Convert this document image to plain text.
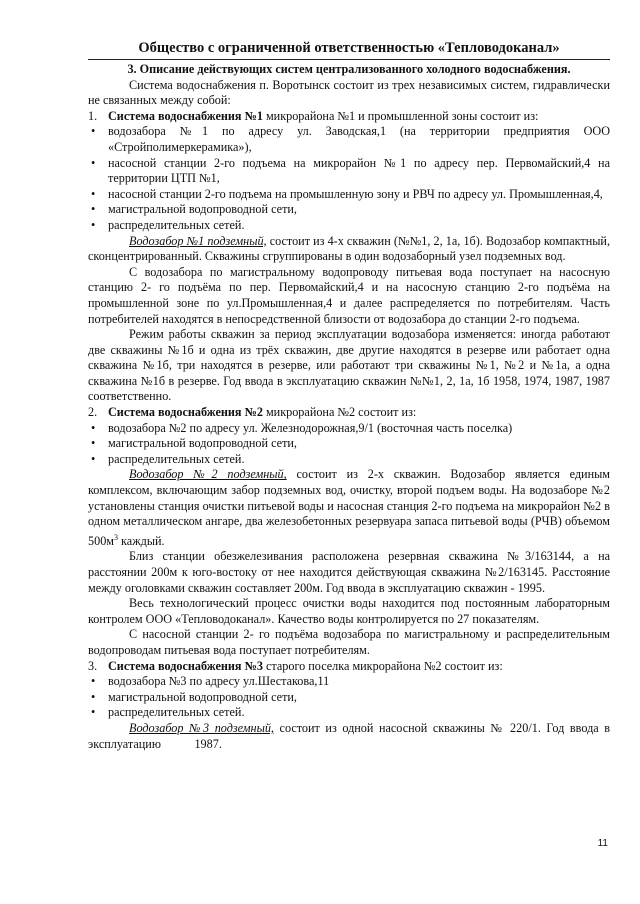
Общество с ограниченной ответственностью «Тепловодоканал»

3. Описание действующих систем централизованного холодного водоснабжения.

Система водоснабжения п. Воротынск состоит из трех независимых систем, гидравлически не связанных между собой:

1. Система водоснабжения №1 микрорайона №1 и промышленной зоны состоит из:

• водозабора №1 по адресу ул. Заводская,1 (на территории предприятия ООО «Стройполимеркерамика»),
• насосной станции 2-го подъема на микрорайон №1 по адресу пер. Первомайский,4 на территории ЦТП №1,
• насосной станции 2-го подъема на промышленную зону и РВЧ по адресу ул. Промышленная,4,
• магистральной водопроводной сети,
• распределительных сетей.

Водозабор №1 подземный, состоит из 4-х скважин (№№1, 2, 1а, 1б). Водозабор компактный, сконцентрированный. Скважины сгруппированы в один водозаборный узел подземных вод.

С водозабора по магистральному водопроводу питьевая вода поступает на насосную станцию 2- го подъёма по пер. Первомайский,4 и на насосную станцию 2-го подъёма на промышленной зоне по ул.Промышленная,4 и далее распределяется по потребителям. Часть потребителей находятся в непосредственной близости от водозабора до станции 2-го подъема.

Режим работы скважин за период эксплуатации водозабора изменяется: иногда работают две скважины №1б и одна из трёх скважин, две другие находятся в резерве или работает одна скважина №1б, три находятся в резерве, или работают три скважины №1, №2 и №1а, а одна скважина №1б в резерве. Год ввода в эксплуатацию скважин №№1, 2, 1а, 1б 1958, 1974, 1987, 1987 соответственно.

2. Система водоснабжения №2 микрорайона №2 состоит из:

• водозабора №2 по адресу ул. Железнодорожная,9/1 (восточная часть поселка)
• магистральной водопроводной сети,
• распределительных сетей.

Водозабор №2 подземный, состоит из 2-х скважин. Водозабор является единым комплексом, включающим забор подземных вод, очистку, второй подъем воды. На водозаборе №2 установлены станция очистки питьевой воды и насосная станция 2-го подъема на микрорайон №2 в одном металлическом ангаре, два железобетонных резервуара запаса питьевой воды (РЧВ) объемом $500м^3$ каждый.

Близ станции обезжелезивания расположена резервная скважина №3/163144, а на расстоянии 200м к юго-востоку от нее находится действующая скважина №2/163145. Расстояние между оголовками скважин составляет 200м. Год ввода в эксплуатацию скважин - 1995.

Весь технологический процесс очистки воды находится под постоянным лабораторным контролем ООО «Тепловодоканал». Качество воды контролируется по 27 показателям.

С насосной станции 2- го подъёма водозабора по магистральному и распределительным водопроводам питьевая вода поступает потребителям.

3. Система водоснабжения №3 старого поселка микрорайона №2 состоит из:

• водозабора №3 по адресу ул.Шестакова,11
• магистральной водопроводной сети,
• распределительных сетей.

Водозабор №3 подземный, состоит из одной насосной скважины № 220/1. Год ввода в эксплуатацию           1987.

11
